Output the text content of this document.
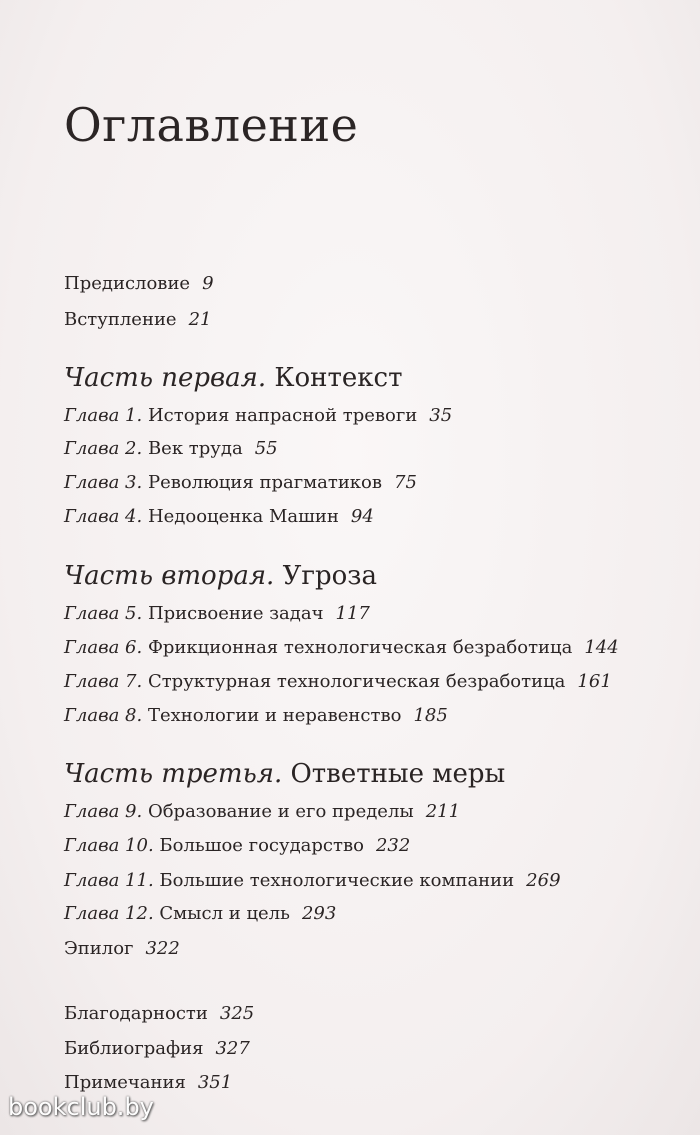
Оглавление
Предисловие 9
Вступление 21
Часть первая. Контекст
Глава 1. История напрасной тревоги 35
Глава 2. Век труда 55
Глава 3. Революция прагматиков 75
Глава 4. Недооценка Машин 94
Часть вторая. Угроза
Глава 5. Присвоение задач 117
Глава 6. Фрикционная технологическая безработица 144
Глава 7. Структурная технологическая безработица 161
Глава 8. Технологии и неравенство 185
Часть третья. Ответные меры
Глава 9. Образование и его пределы 211
Глава 10. Большое государство 232
Глава 11. Большие технологические компании 269
Глава 12. Смысл и цель 293
Эпилог 322
Благодарности 325
Библиография 327
Примечания 351
bookclub.by
